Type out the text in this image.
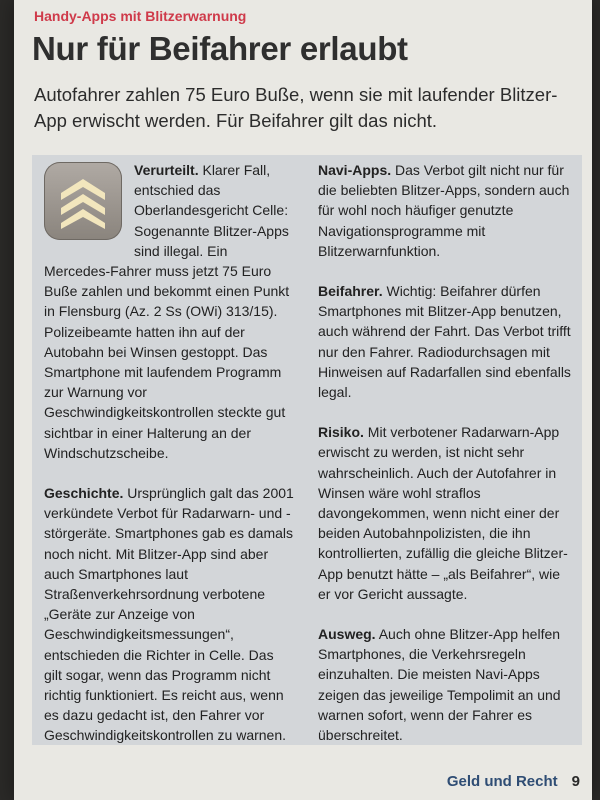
Handy-Apps mit Blitzerwarnung
Nur für Beifahrer erlaubt
Autofahrer zahlen 75 Euro Buße, wenn sie mit laufender Blitzer-App erwischt werden. Für Beifahrer gilt das nicht.

Verurteilt. Klarer Fall, entschied das Oberlandesgericht Celle: Sogenannte Blitzer-Apps sind illegal. Ein Mercedes-Fahrer muss jetzt 75 Euro Buße zahlen und bekommt einen Punkt in Flensburg (Az. 2 Ss (OWi) 313/15). Polizeibeamte hatten ihn auf der Autobahn bei Winsen gestoppt. Das Smartphone mit laufendem Programm zur Warnung vor Geschwindigkeitskontrollen steckte gut sichtbar in einer Halterung an der Windschutzscheibe.

Geschichte. Ursprünglich galt das 2001 verkündete Verbot für Radarwarn- und -störgeräte. Smartphones gab es damals noch nicht. Mit Blitzer-App sind aber auch Smartphones laut Straßenverkehrsordnung verbotene „Geräte zur Anzeige von Geschwindigkeitsmessungen“, entschieden die Richter in Celle. Das gilt sogar, wenn das Programm nicht richtig funktioniert. Es reicht aus, wenn es dazu gedacht ist, den Fahrer vor Geschwindigkeitskontrollen zu warnen.

Navi-Apps. Das Verbot gilt nicht nur für die beliebten Blitzer-Apps, sondern auch für wohl noch häufiger genutzte Navigationsprogramme mit Blitzerwarnfunktion.

Beifahrer. Wichtig: Beifahrer dürfen Smartphones mit Blitzer-App benutzen, auch während der Fahrt. Das Verbot trifft nur den Fahrer. Radiodurchsagen mit Hinweisen auf Radarfallen sind ebenfalls legal.

Risiko. Mit verbotener Radarwarn-App erwischt zu werden, ist nicht sehr wahrscheinlich. Auch der Autofahrer in Winsen wäre wohl straflos davongekommen, wenn nicht einer der beiden Autobahnpolizisten, die ihn kontrollierten, zufällig die gleiche Blitzer-App benutzt hätte – „als Beifahrer“, wie er vor Gericht aussagte.

Ausweg. Auch ohne Blitzer-App helfen Smartphones, die Verkehrsregeln einzuhalten. Die meisten Navi-Apps zeigen das jeweilige Tempolimit an und warnen sofort, wenn der Fahrer es überschreitet.

Geld und Recht 9
